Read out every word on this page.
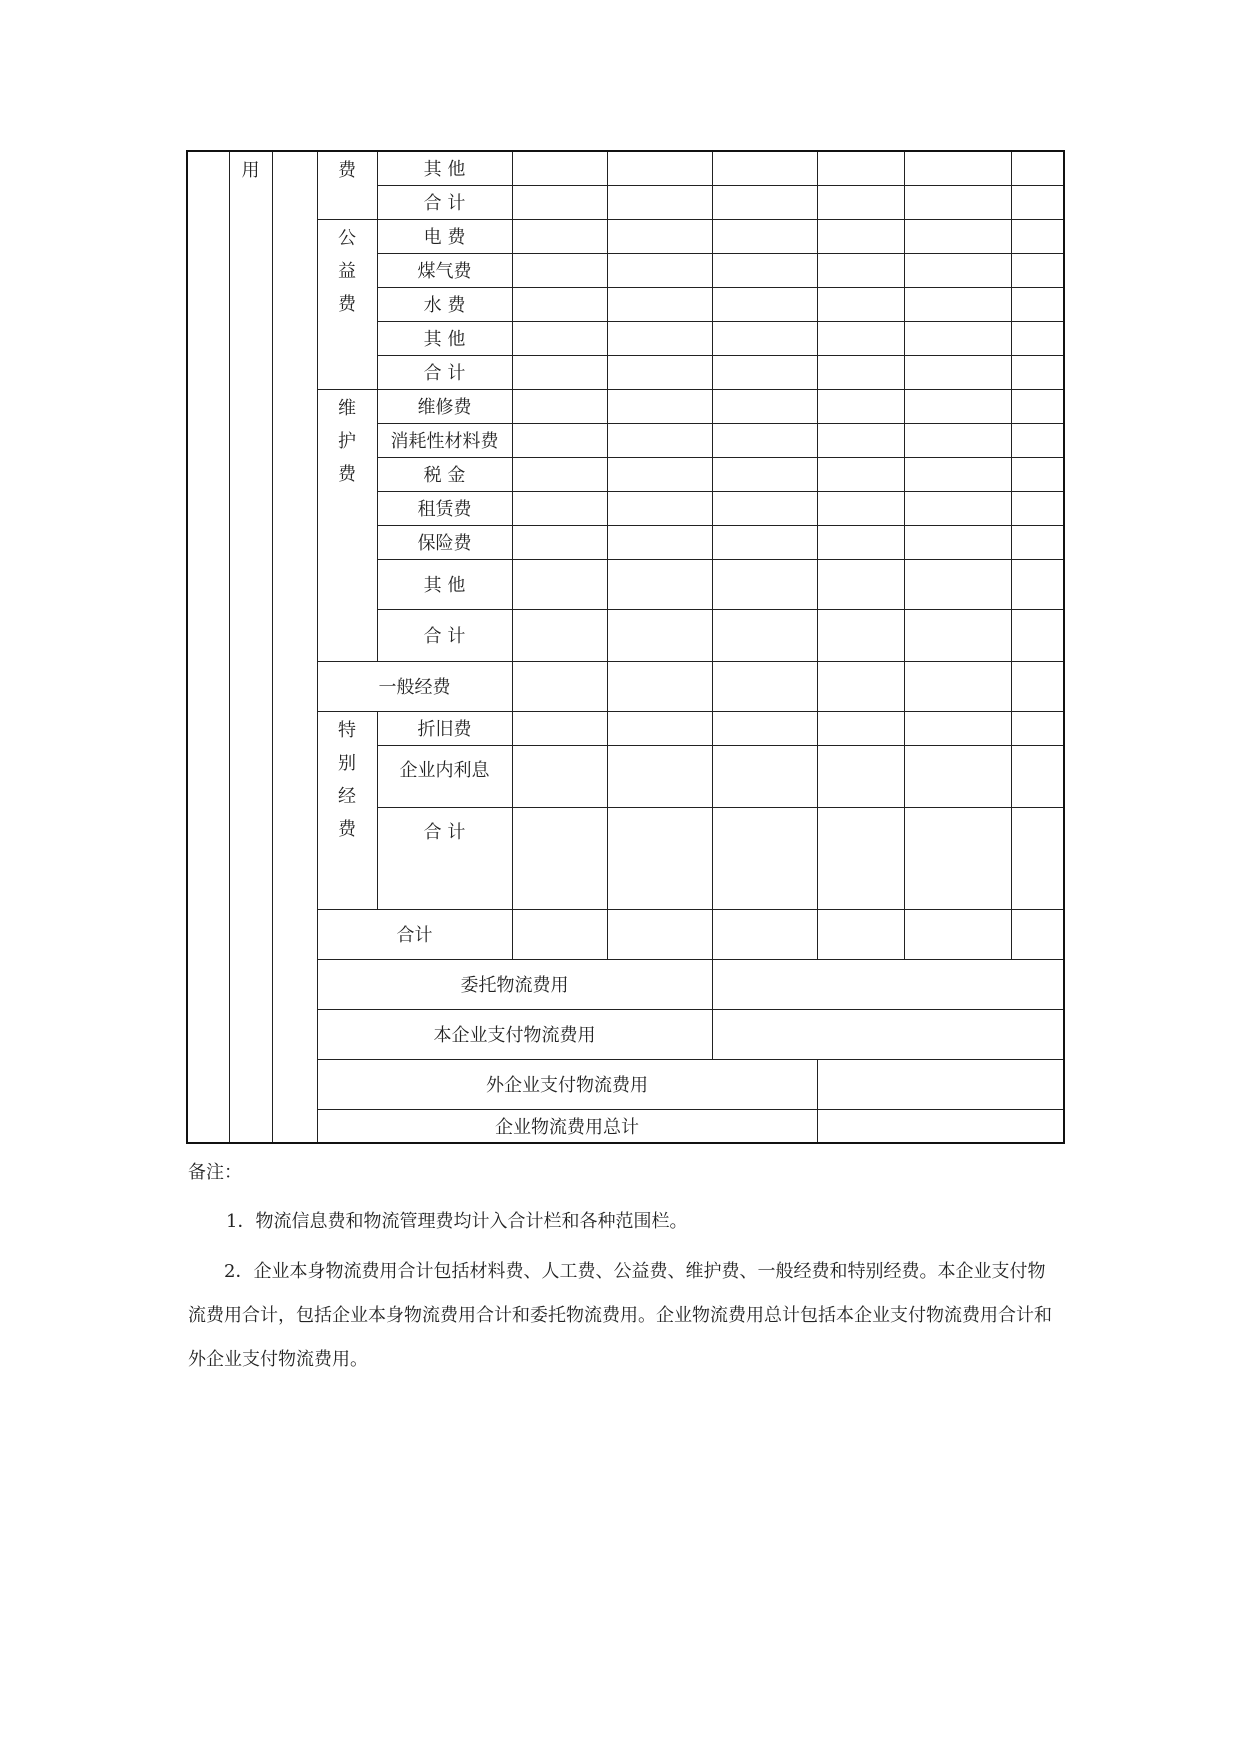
	用		费	其 他						
				合 计						
			公益费	电 费						
				煤气费						
				水 费						
				其 他						
				合 计						
			维护费	维修费						
				消耗性材料费						
				税 金						
				租赁费						
				保险费						
				其 他						
				合 计						
			一般经费							
			特别经费	折旧费						
				企业内利息						
				合 计						
			合计							
			委托物流费用							
			本企业支付物流费用							
			外企业支付物流费用							
			企业物流费用总计							
备注：
1．物流信息费和物流管理费均计入合计栏和各种范围栏。
2．企业本身物流费用合计包括材料费、人工费、公益费、维护费、一般经费和特别经费。本企业支付物流费用合计，包括企业本身物流费用合计和委托物流费用。企业物流费用总计包括本企业支付物流费用合计和外企业支付物流费用。
